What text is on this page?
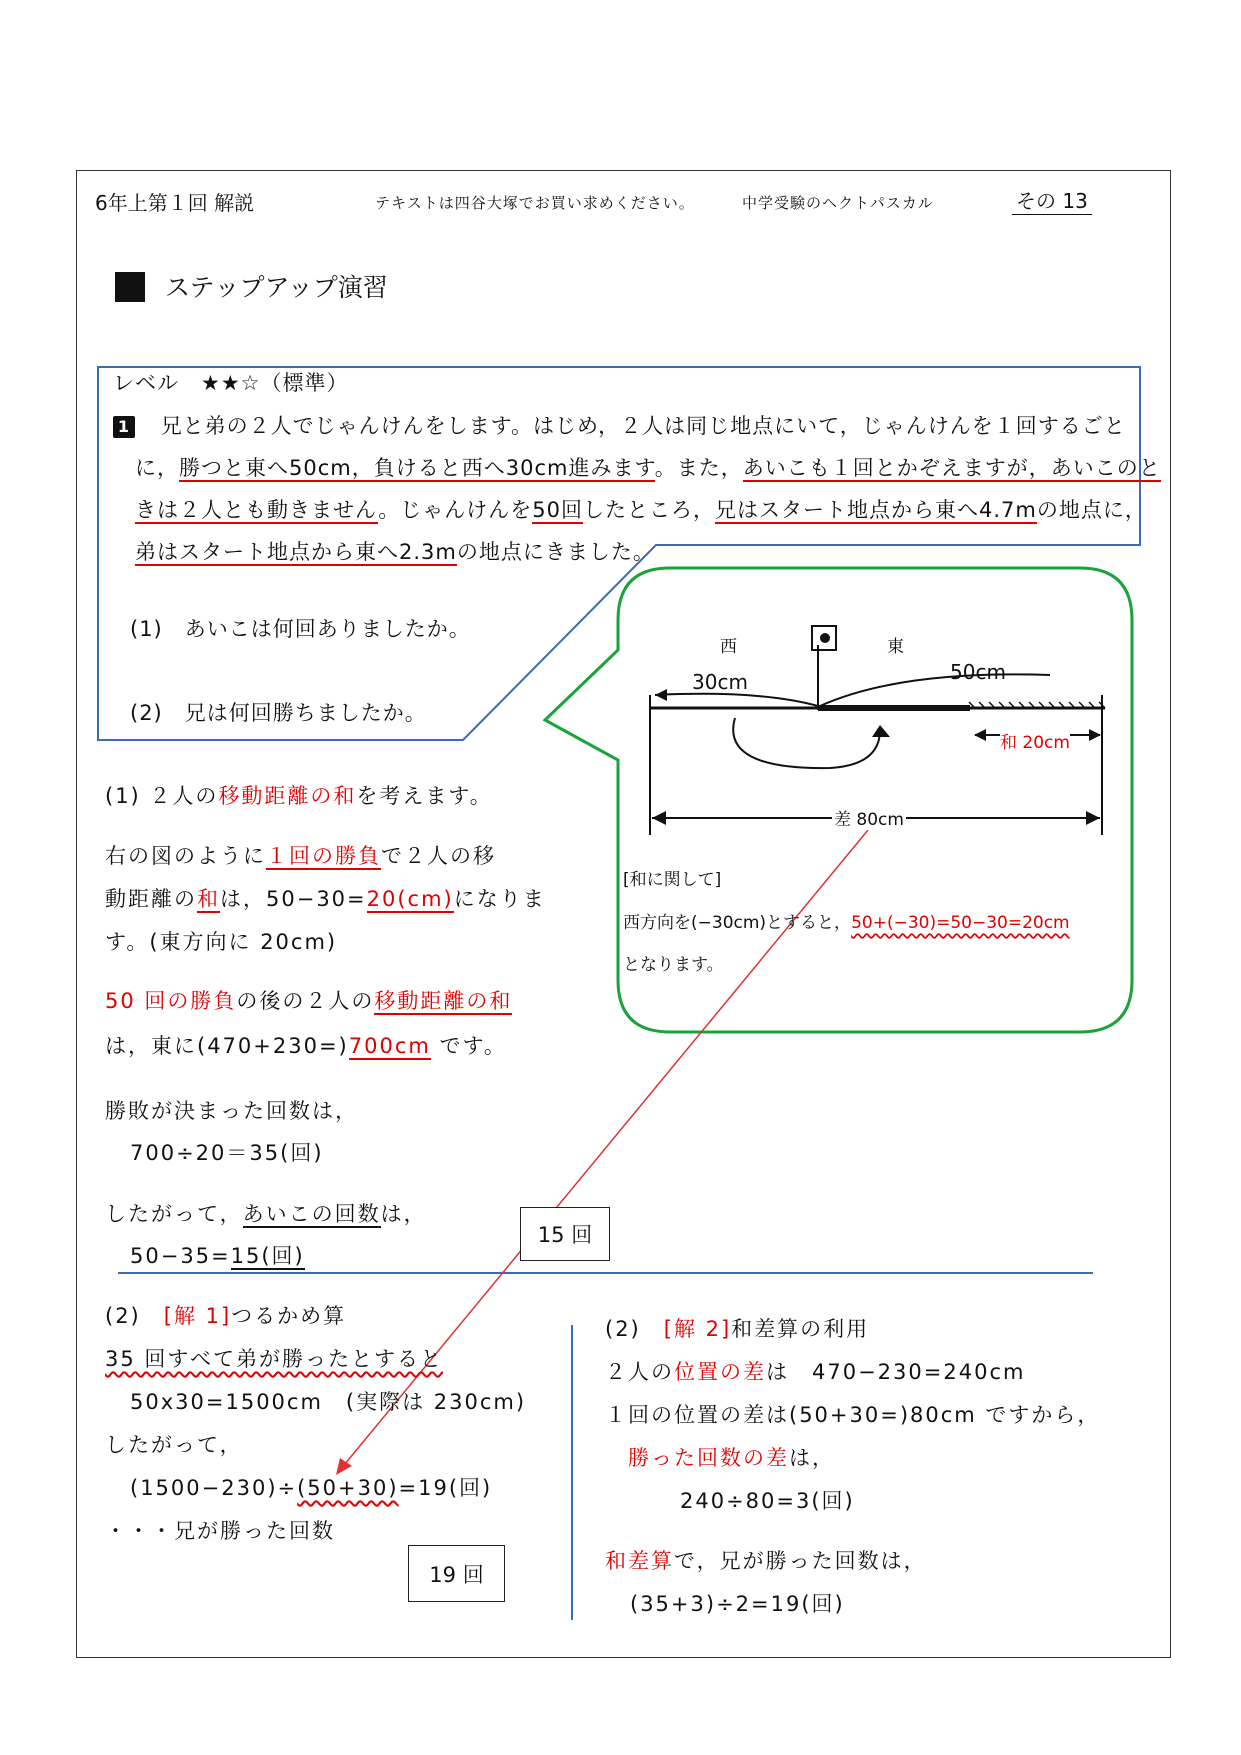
6年上第１回 解説	テキストは四谷大塚でお買い求めください。	中学受験のヘクトパスカル	その 13
ステップアップ演習
レベル　★★☆（標準）
1 兄と弟の２人でじゃんけんをします。はじめ，２人は同じ地点にいて，じゃんけんを１回するごと
に，勝つと東へ50cm，負けると西へ30cm進みます。また，あいこも１回とかぞえますが，あいこのと
きは２人とも動きません。じゃんけんを50回したところ，兄はスタート地点から東へ4.7mの地点に，
弟はスタート地点から東へ2.3mの地点にきました。
(1)　あいこは何回ありましたか。
(2)　兄は何回勝ちましたか。
西	東
30cm	50cm
和 20cm
差 80cm
[和に関して]
西方向を(−30cm)とすると，50+(−30)=50−30=20cm
となります。
(1) ２人の移動距離の和を考えます。
右の図のように１回の勝負で２人の移
動距離の和は，50−30=20(cm)になりま
す。(東方向に 20cm)
50 回の勝負の後の２人の移動距離の和
は，東に(470+230=)700cm です。
勝敗が決まった回数は，
700÷20＝35(回)
したがって，あいこの回数は，
50−35=15(回)
15 回
(2)　[解 1]つるかめ算
35 回すべて弟が勝ったとすると
50x30=1500cm　(実際は 230cm)
したがって，
(1500−230)÷(50+30)=19(回)
・・・兄が勝った回数
19 回
(2)　[解 2]和差算の利用
２人の位置の差は　470−230=240cm
１回の位置の差は(50+30=)80cm ですから，
勝った回数の差は，
240÷80=3(回)
和差算で，兄が勝った回数は，
(35+3)÷2=19(回)
